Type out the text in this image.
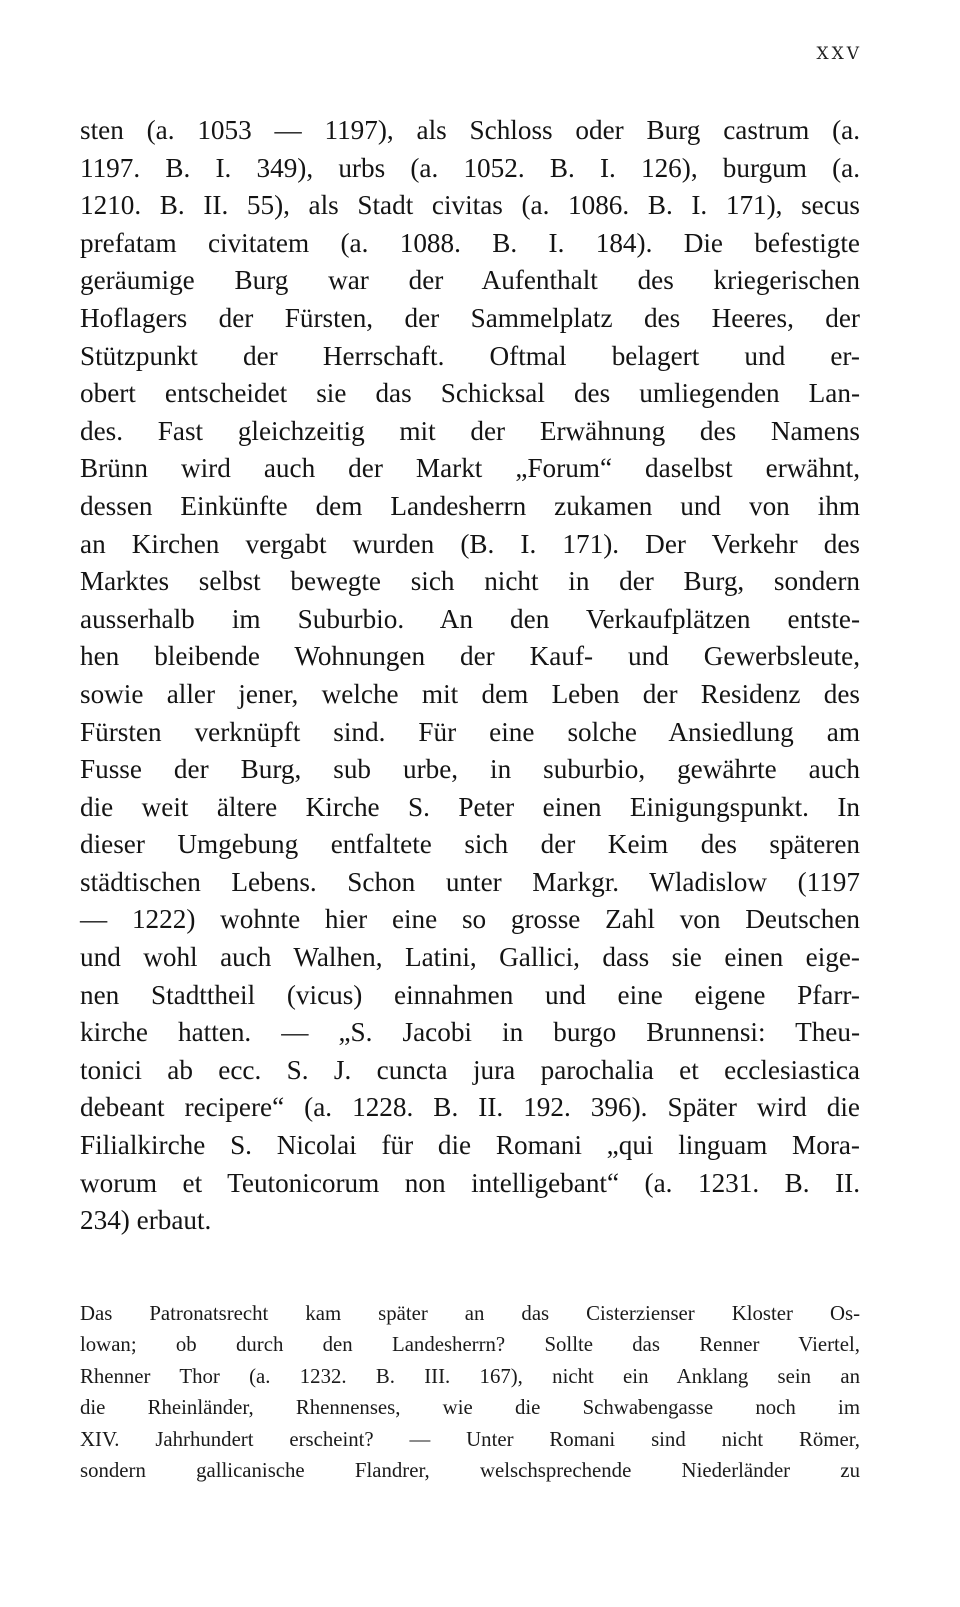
XXV
sten (a. 1053 — 1197), als Schloss oder Burg castrum (a.
1197. B. I. 349), urbs (a. 1052. B. I. 126), burgum (a.
1210. B. II. 55), als Stadt civitas (a. 1086. B. I. 171), secus
prefatam civitatem (a. 1088. B. I. 184). Die befestigte
geräumige Burg war der Aufenthalt des kriegerischen
Hoflagers der Fürsten, der Sammelplatz des Heeres, der
Stützpunkt der Herrschaft. Oftmal belagert und er-
obert entscheidet sie das Schicksal des umliegenden Lan-
des. Fast gleichzeitig mit der Erwähnung des Namens
Brünn wird auch der Markt „Forum“ daselbst erwähnt,
dessen Einkünfte dem Landesherrn zukamen und von ihm
an Kirchen vergabt wurden (B. I. 171). Der Verkehr des
Marktes selbst bewegte sich nicht in der Burg, sondern
ausserhalb im Suburbio. An den Verkaufplätzen entste-
hen bleibende Wohnungen der Kauf- und Gewerbsleute,
sowie aller jener, welche mit dem Leben der Residenz des
Fürsten verknüpft sind. Für eine solche Ansiedlung am
Fusse der Burg, sub urbe, in suburbio, gewährte auch
die weit ältere Kirche S. Peter einen Einigungspunkt. In
dieser Umgebung entfaltete sich der Keim des späteren
städtischen Lebens. Schon unter Markgr. Wladislow (1197
— 1222) wohnte hier eine so grosse Zahl von Deutschen
und wohl auch Walhen, Latini, Gallici, dass sie einen eige-
nen Stadttheil (vicus) einnahmen und eine eigene Pfarr-
kirche hatten. — „S. Jacobi in burgo Brunnensi: Theu-
tonici ab ecc. S. J. cuncta jura parochalia et ecclesiastica
debeant recipere“ (a. 1228. B. II. 192. 396). Später wird die
Filialkirche S. Nicolai für die Romani „qui linguam Mora-
worum et Teutonicorum non intelligebant“ (a. 1231. B. II.
234) erbaut.
Das Patronatsrecht kam später an das Cisterzienser Kloster Os-
lowan; ob durch den Landesherrn? Sollte das Renner Viertel,
Rhenner Thor (a. 1232. B. III. 167), nicht ein Anklang sein an
die Rheinländer, Rhennenses, wie die Schwabengasse noch im
XIV. Jahrhundert erscheint? — Unter Romani sind nicht Römer,
sondern gallicanische Flandrer, welschsprechende Niederländer zu
